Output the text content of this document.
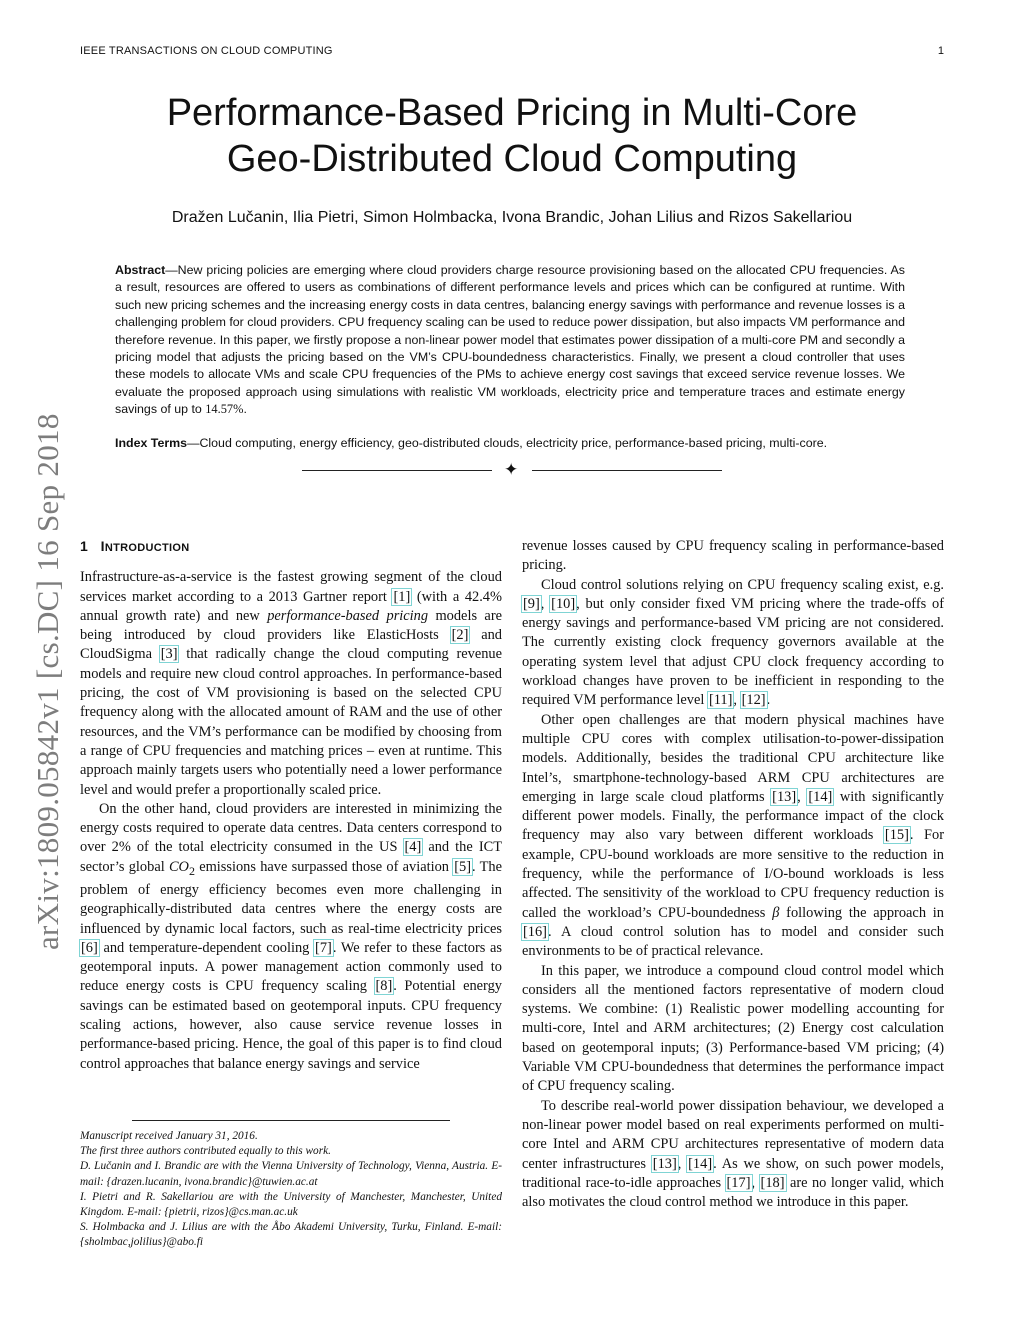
IEEE TRANSACTIONS ON CLOUD COMPUTING	1
arXiv:1809.05842v1 [cs.DC] 16 Sep 2018
Performance-Based Pricing in Multi-Core
Geo-Distributed Cloud Computing
Dražen Lučanin, Ilia Pietri, Simon Holmbacka, Ivona Brandic, Johan Lilius and Rizos Sakellariou
Abstract—New pricing policies are emerging where cloud providers charge resource provisioning based on the allocated CPU frequencies. As a result, resources are offered to users as combinations of different performance levels and prices which can be configured at runtime. With such new pricing schemes and the increasing energy costs in data centres, balancing energy savings with performance and revenue losses is a challenging problem for cloud providers. CPU frequency scaling can be used to reduce power dissipation, but also impacts VM performance and therefore revenue. In this paper, we firstly propose a non-linear power model that estimates power dissipation of a multi-core PM and secondly a pricing model that adjusts the pricing based on the VM’s CPU-boundedness characteristics. Finally, we present a cloud controller that uses these models to allocate VMs and scale CPU frequencies of the PMs to achieve energy cost savings that exceed service revenue losses. We evaluate the proposed approach using simulations with realistic VM workloads, electricity price and temperature traces and estimate energy savings of up to 14.57%.
Index Terms—Cloud computing, energy efficiency, geo-distributed clouds, electricity price, performance-based pricing, multi-core.
✦
1 INTRODUCTION

Infrastructure-as-a-service is the fastest growing segment of the cloud services market according to a 2013 Gartner report [1] (with a 42.4% annual growth rate) and new performance-based pricing models are being introduced by cloud providers like ElasticHosts [2] and CloudSigma [3] that radically change the cloud computing revenue models and require new cloud control approaches. In performance-based pricing, the cost of VM provisioning is based on the selected CPU frequency along with the allocated amount of RAM and the use of other resources, and the VM’s performance can be modified by choosing from a range of CPU frequencies and matching prices – even at runtime. This approach mainly targets users who potentially need a lower performance level and would prefer a proportionally scaled price.

On the other hand, cloud providers are interested in minimizing the energy costs required to operate data centres. Data centers correspond to over 2% of the total electricity consumed in the US [4] and the ICT sector’s global $CO_2$ emissions have surpassed those of aviation [5]. The problem of energy efficiency becomes even more challenging in geographically-distributed data centres where the energy costs are influenced by dynamic local factors, such as real-time electricity prices [6] and temperature-dependent cooling [7]. We refer to these factors as geotemporal inputs. A power management action commonly used to reduce energy costs is CPU frequency scaling [8]. Potential energy savings can be estimated based on geotemporal inputs. CPU frequency scaling actions, however, also cause service revenue losses in performance-based pricing. Hence, the goal of this paper is to find cloud control approaches that balance energy savings and service

revenue losses caused by CPU frequency scaling in performance-based pricing.

Cloud control solutions relying on CPU frequency scaling exist, e.g. [9], [10], but only consider fixed VM pricing where the trade-offs of energy savings and performance-based VM pricing are not considered. The currently existing clock frequency governors available at the operating system level that adjust CPU clock frequency according to workload changes have proven to be inefficient in responding to the required VM performance level [11], [12].

Other open challenges are that modern physical machines have multiple CPU cores with complex utilisation-to-power-dissipation models. Additionally, besides the traditional CPU architecture like Intel’s, smartphone-technology-based ARM CPU architectures are emerging in large scale cloud platforms [13], [14] with significantly different power models. Finally, the performance impact of the clock frequency may also vary between different workloads [15]. For example, CPU-bound workloads are more sensitive to the reduction in frequency, while the performance of I/O-bound workloads is less affected. The sensitivity of the workload to CPU frequency reduction is called the workload’s CPU-boundedness β following the approach in [16]. A cloud control solution has to model and consider such environments to be of practical relevance.

In this paper, we introduce a compound cloud control model which considers all the mentioned factors representative of modern cloud systems. We combine: (1) Realistic power modelling accounting for multi-core, Intel and ARM architectures; (2) Energy cost calculation based on geotemporal inputs; (3) Performance-based VM pricing; (4) Variable VM CPU-boundedness that determines the performance impact of CPU frequency scaling.

To describe real-world power dissipation behaviour, we developed a non-linear power model based on real experiments performed on multi-core Intel and ARM CPU architectures representative of modern data center infrastructures [13], [14]. As we show, on such power models, traditional race-to-idle approaches [17], [18] are no longer valid, which also motivates the cloud control method we introduce in this paper.

Manuscript received January 31, 2016.
The first three authors contributed equally to this work.
D. Lučanin and I. Brandic are with the Vienna University of Technology, Vienna, Austria. E-mail: {drazen.lucanin, ivona.brandic}@tuwien.ac.at
I. Pietri and R. Sakellariou are with the University of Manchester, Manchester, United Kingdom. E-mail: {pietrii, rizos}@cs.man.ac.uk
S. Holmbacka and J. Lilius are with the Åbo Akademi University, Turku, Finland. E-mail: {sholmbac,jolilius}@abo.fi
